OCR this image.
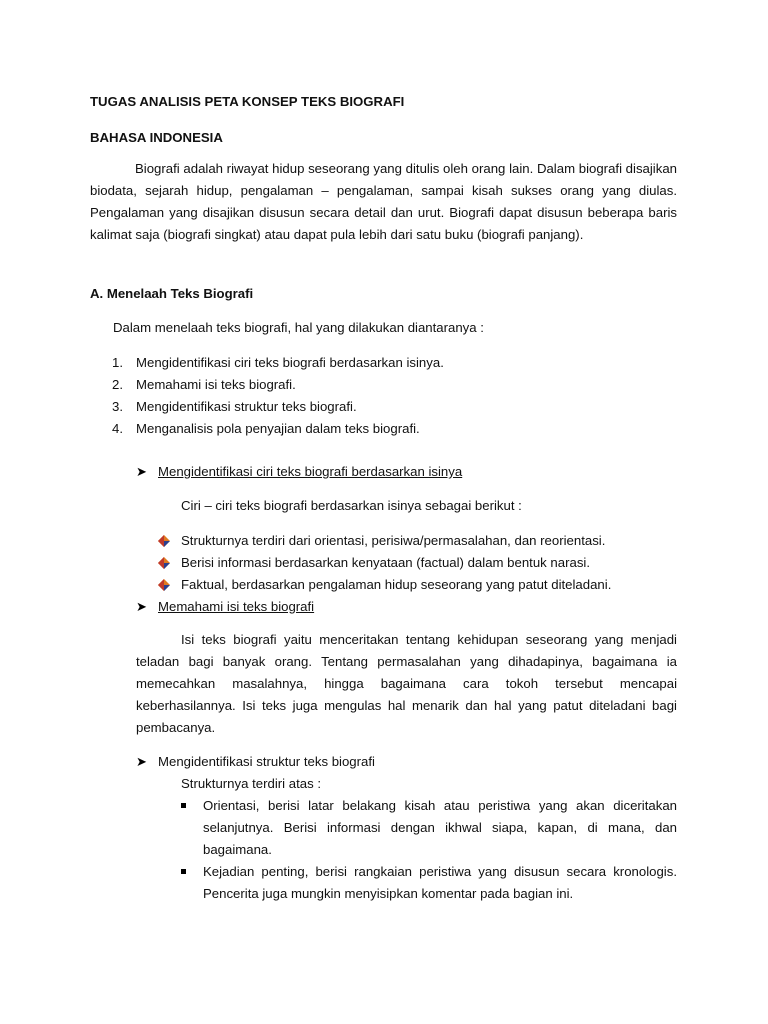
TUGAS ANALISIS PETA KONSEP TEKS BIOGRAFI

BAHASA INDONESIA

Biografi adalah riwayat hidup seseorang yang ditulis oleh orang lain. Dalam biografi disajikan biodata, sejarah hidup, pengalaman – pengalaman, sampai kisah sukses orang yang diulas. Pengalaman yang disajikan disusun secara detail dan urut. Biografi dapat disusun beberapa baris kalimat saja (biografi singkat) atau dapat pula lebih dari satu buku (biografi panjang).

A. Menelaah Teks Biografi

Dalam menelaah teks biografi, hal yang dilakukan diantaranya :

1. Mengidentifikasi ciri teks biografi berdasarkan isinya.

2. Memahami isi teks biografi.

3. Mengidentifikasi struktur teks biografi.

4. Menganalisis pola penyajian dalam teks biografi.

➤ Mengidentifikasi ciri teks biografi berdasarkan isinya

Ciri – ciri teks biografi berdasarkan isinya sebagai berikut :

Strukturnya terdiri dari orientasi, perisiwa/permasalahan, dan reorientasi.

Berisi informasi berdasarkan kenyataan (factual) dalam bentuk narasi.

Faktual, berdasarkan pengalaman hidup seseorang yang patut diteladani.

➤ Memahami isi teks biografi

Isi teks biografi yaitu menceritakan tentang kehidupan seseorang yang menjadi teladan bagi banyak orang. Tentang permasalahan yang dihadapinya, bagaimana ia memecahkan masalahnya, hingga bagaimana cara tokoh tersebut mencapai keberhasilannya. Isi teks juga mengulas hal menarik dan hal yang patut diteladani bagi pembacanya.

➤ Mengidentifikasi struktur teks biografi

Strukturnya terdiri atas :

Orientasi, berisi latar belakang kisah atau peristiwa yang akan diceritakan selanjutnya. Berisi informasi dengan ikhwal siapa, kapan, di mana, dan bagaimana.

Kejadian penting, berisi rangkaian peristiwa yang disusun secara kronologis. Pencerita juga mungkin menyisipkan komentar pada bagian ini.
